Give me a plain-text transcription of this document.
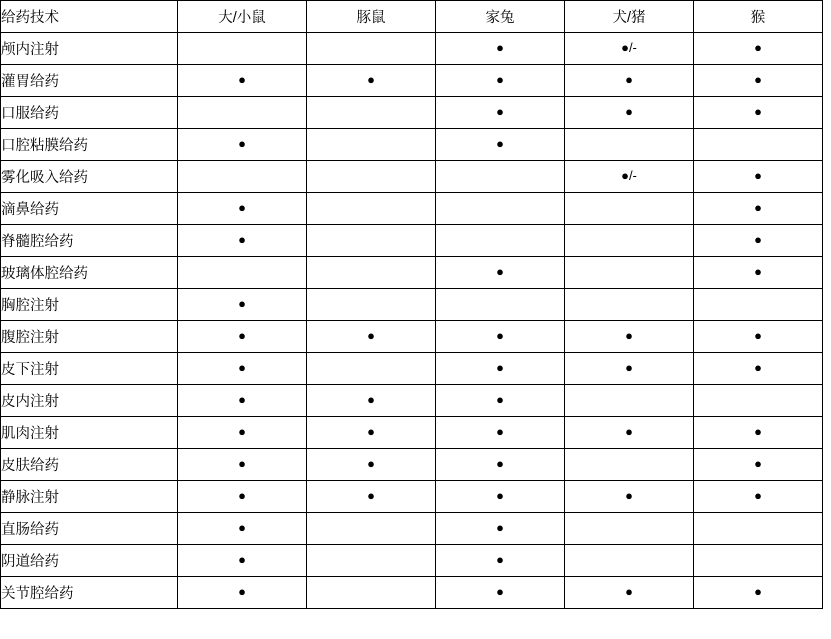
给药技术	大/小鼠	豚鼠	家兔	犬/猪	猴
颅内注射			●	●/-	●
灌胃给药	●	●	●	●	●
口服给药			●	●	●
口腔粘膜给药	●		●		
雾化吸入给药				●/-	●
滴鼻给药	●				●
脊髓腔给药	●				●
玻璃体腔给药			●		●
胸腔注射	●				
腹腔注射	●	●	●	●	●
皮下注射	●		●	●	●
皮内注射	●	●	●		
肌肉注射	●	●	●	●	●
皮肤给药	●	●	●		●
静脉注射	●	●	●	●	●
直肠给药	●		●		
阴道给药	●		●		
关节腔给药	●		●	●	●
